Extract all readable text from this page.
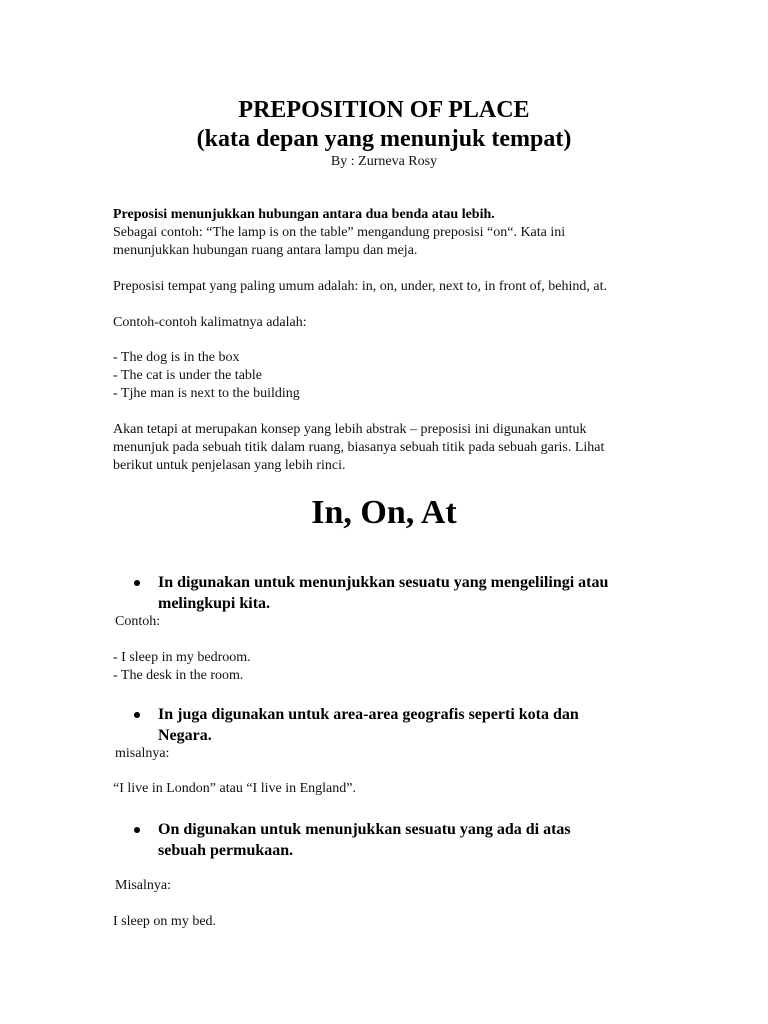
PREPOSITION OF PLACE
(kata depan yang menunjuk tempat)
By : Zurneva Rosy
Preposisi menunjukkan hubungan antara dua benda atau lebih.
Sebagai contoh: “The lamp is on the table” mengandung preposisi “on“. Kata ini
menunjukkan hubungan ruang antara lampu dan meja.
Preposisi tempat yang paling umum adalah: in, on, under, next to, in front of, behind, at.
Contoh-contoh kalimatnya adalah:
- The dog is in the box
- The cat is under the table
- Tjhe man is next to the building
Akan tetapi at merupakan konsep yang lebih abstrak – preposisi ini digunakan untuk
menunjuk pada sebuah titik dalam ruang, biasanya sebuah titik pada sebuah garis. Lihat
berikut untuk penjelasan yang lebih rinci.
In, On, At
In digunakan untuk menunjukkan sesuatu yang mengelilingi atau
melingkupi kita.
Contoh:
- I sleep in my bedroom.
- The desk in the room.
In juga digunakan untuk area-area geografis seperti kota dan
Negara.
misalnya:
“I live in London” atau “I live in England”.
On digunakan untuk menunjukkan sesuatu yang ada di atas
sebuah permukaan.
Misalnya:
I sleep on my bed.
